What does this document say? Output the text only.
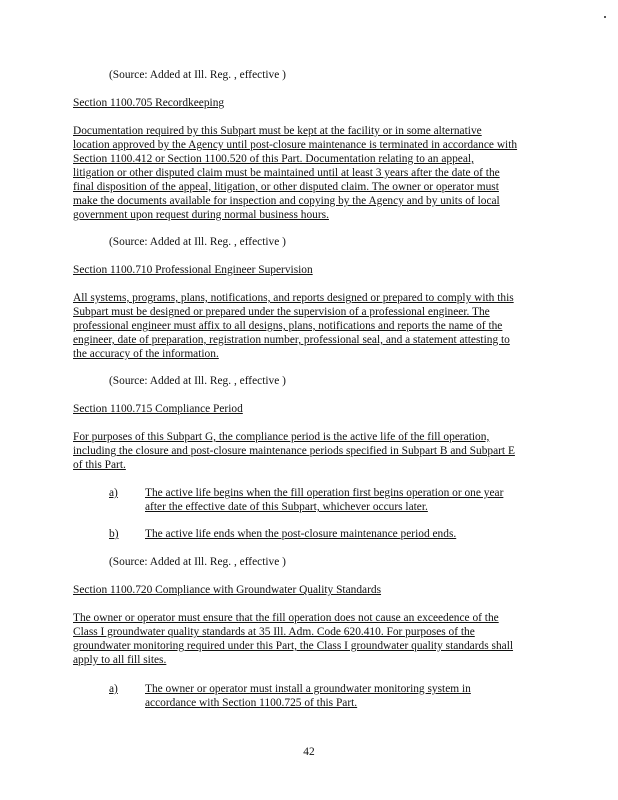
(Source: Added at Ill. Reg. , effective )
Section 1100.705 Recordkeeping
Documentation required by this Subpart must be kept at the facility or in some alternative
location approved by the Agency until post-closure maintenance is terminated in accordance with
Section 1100.412 or Section 1100.520 of this Part. Documentation relating to an appeal,
litigation or other disputed claim must be maintained until at least 3 years after the date of the
final disposition of the appeal, litigation, or other disputed claim. The owner or operator must
make the documents available for inspection and copying by the Agency and by units of local
government upon request during normal business hours.
(Source: Added at Ill. Reg. , effective )
Section 1100.710 Professional Engineer Supervision
All systems, programs, plans, notifications, and reports designed or prepared to comply with this
Subpart must be designed or prepared under the supervision of a professional engineer. The
professional engineer must affix to all designs, plans, notifications and reports the name of the
engineer, date of preparation, registration number, professional seal, and a statement attesting to
the accuracy of the information.
(Source: Added at Ill. Reg. , effective )
Section 1100.715 Compliance Period
For purposes of this Subpart G, the compliance period is the active life of the fill operation,
including the closure and post-closure maintenance periods specified in Subpart B and Subpart E
of this Part.
a) The active life begins when the fill operation first begins operation or one year
after the effective date of this Subpart, whichever occurs later.
b) The active life ends when the post-closure maintenance period ends.
(Source: Added at Ill. Reg. , effective )
Section 1100.720 Compliance with Groundwater Quality Standards
The owner or operator must ensure that the fill operation does not cause an exceedence of the
Class I groundwater quality standards at 35 Ill. Adm. Code 620.410. For purposes of the
groundwater monitoring required under this Part, the Class I groundwater quality standards shall
apply to all fill sites.
a) The owner or operator must install a groundwater monitoring system in
accordance with Section 1100.725 of this Part.
42
